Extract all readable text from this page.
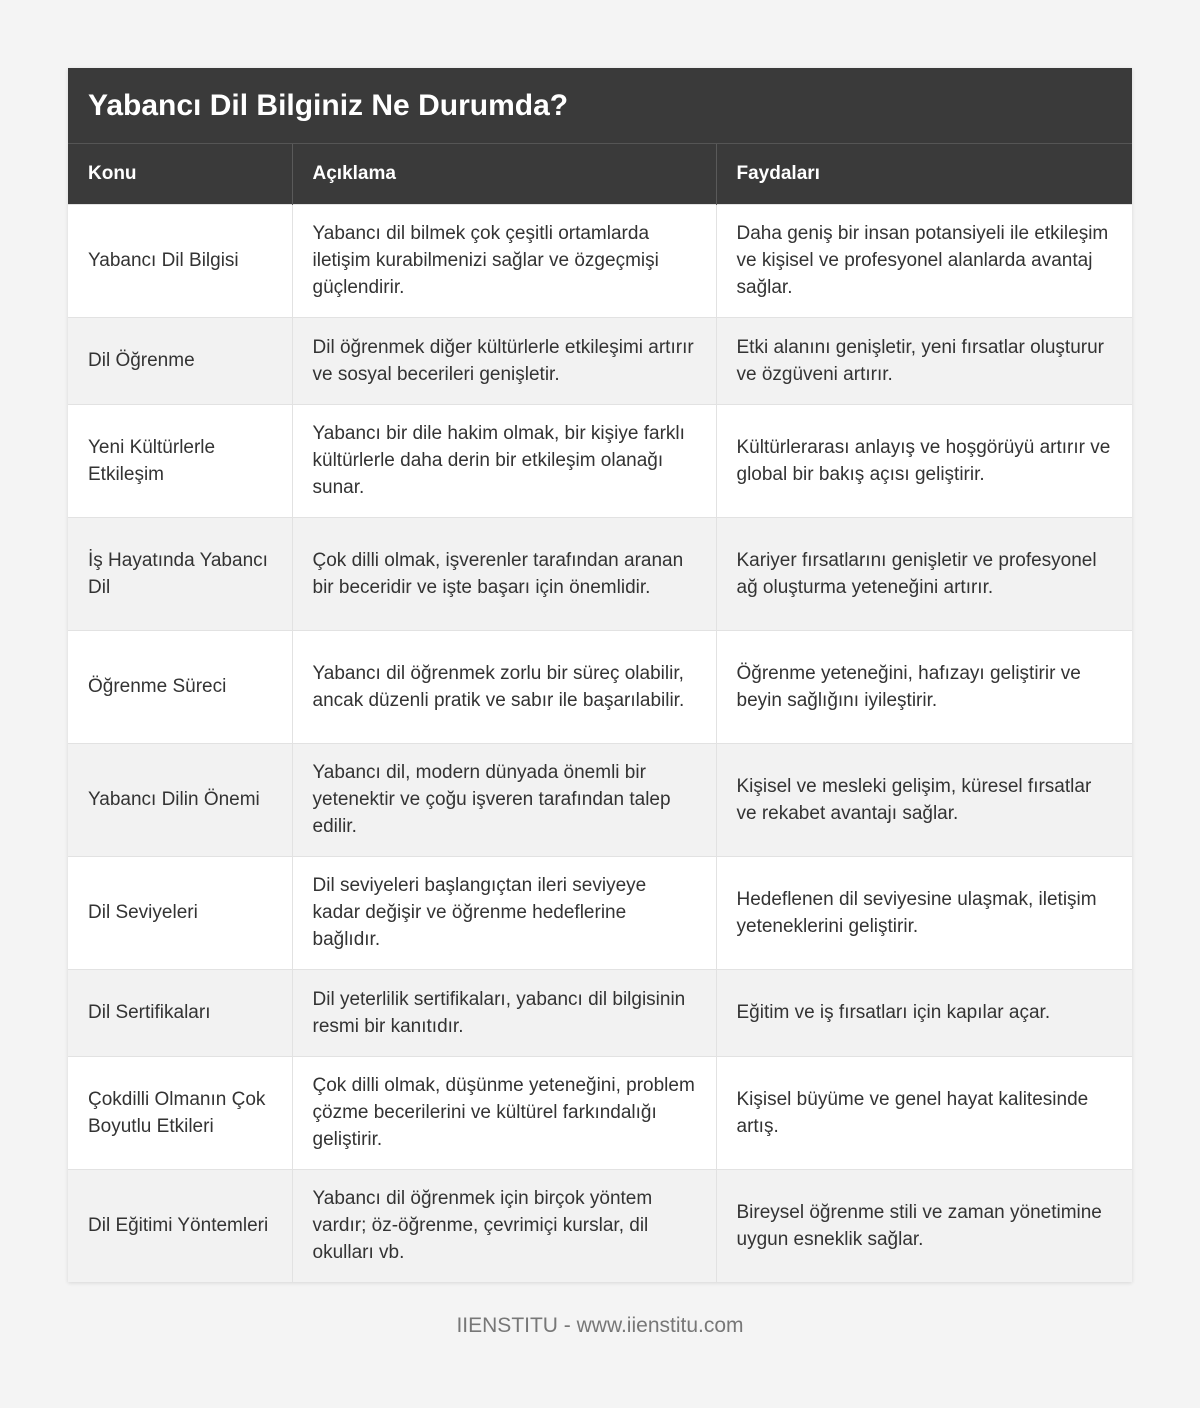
Yabancı Dil Bilginiz Ne Durumda?
Konu	Açıklama	Faydaları
Yabancı Dil Bilgisi	Yabancı dil bilmek çok çeşitli ortamlarda iletişim kurabilmenizi sağlar ve özgeçmişi güçlendirir.	Daha geniş bir insan potansiyeli ile etkileşim ve kişisel ve profesyonel alanlarda avantaj sağlar.
Dil Öğrenme	Dil öğrenmek diğer kültürlerle etkileşimi artırır ve sosyal becerileri genişletir.	Etki alanını genişletir, yeni fırsatlar oluşturur ve özgüveni artırır.
Yeni Kültürlerle Etkileşim	Yabancı bir dile hakim olmak, bir kişiye farklı kültürlerle daha derin bir etkileşim olanağı sunar.	Kültürlerarası anlayış ve hoşgörüyü artırır ve global bir bakış açısı geliştirir.
İş Hayatında Yabancı Dil	Çok dilli olmak, işverenler tarafından aranan bir beceridir ve işte başarı için önemlidir.	Kariyer fırsatlarını genişletir ve profesyonel ağ oluşturma yeteneğini artırır.
Öğrenme Süreci	Yabancı dil öğrenmek zorlu bir süreç olabilir, ancak düzenli pratik ve sabır ile başarılabilir.	Öğrenme yeteneğini, hafızayı geliştirir ve beyin sağlığını iyileştirir.
Yabancı Dilin Önemi	Yabancı dil, modern dünyada önemli bir yetenektir ve çoğu işveren tarafından talep edilir.	Kişisel ve mesleki gelişim, küresel fırsatlar ve rekabet avantajı sağlar.
Dil Seviyeleri	Dil seviyeleri başlangıçtan ileri seviyeye kadar değişir ve öğrenme hedeflerine bağlıdır.	Hedeflenen dil seviyesine ulaşmak, iletişim yeteneklerini geliştirir.
Dil Sertifikaları	Dil yeterlilik sertifikaları, yabancı dil bilgisinin resmi bir kanıtıdır.	Eğitim ve iş fırsatları için kapılar açar.
Çokdilli Olmanın Çok Boyutlu Etkileri	Çok dilli olmak, düşünme yeteneğini, problem çözme becerilerini ve kültürel farkındalığı geliştirir.	Kişisel büyüme ve genel hayat kalitesinde artış.
Dil Eğitimi Yöntemleri	Yabancı dil öğrenmek için birçok yöntem vardır; öz-öğrenme, çevrimiçi kurslar, dil okulları vb.	Bireysel öğrenme stili ve zaman yönetimine uygun esneklik sağlar.
IIENSTITU - www.iienstitu.com
